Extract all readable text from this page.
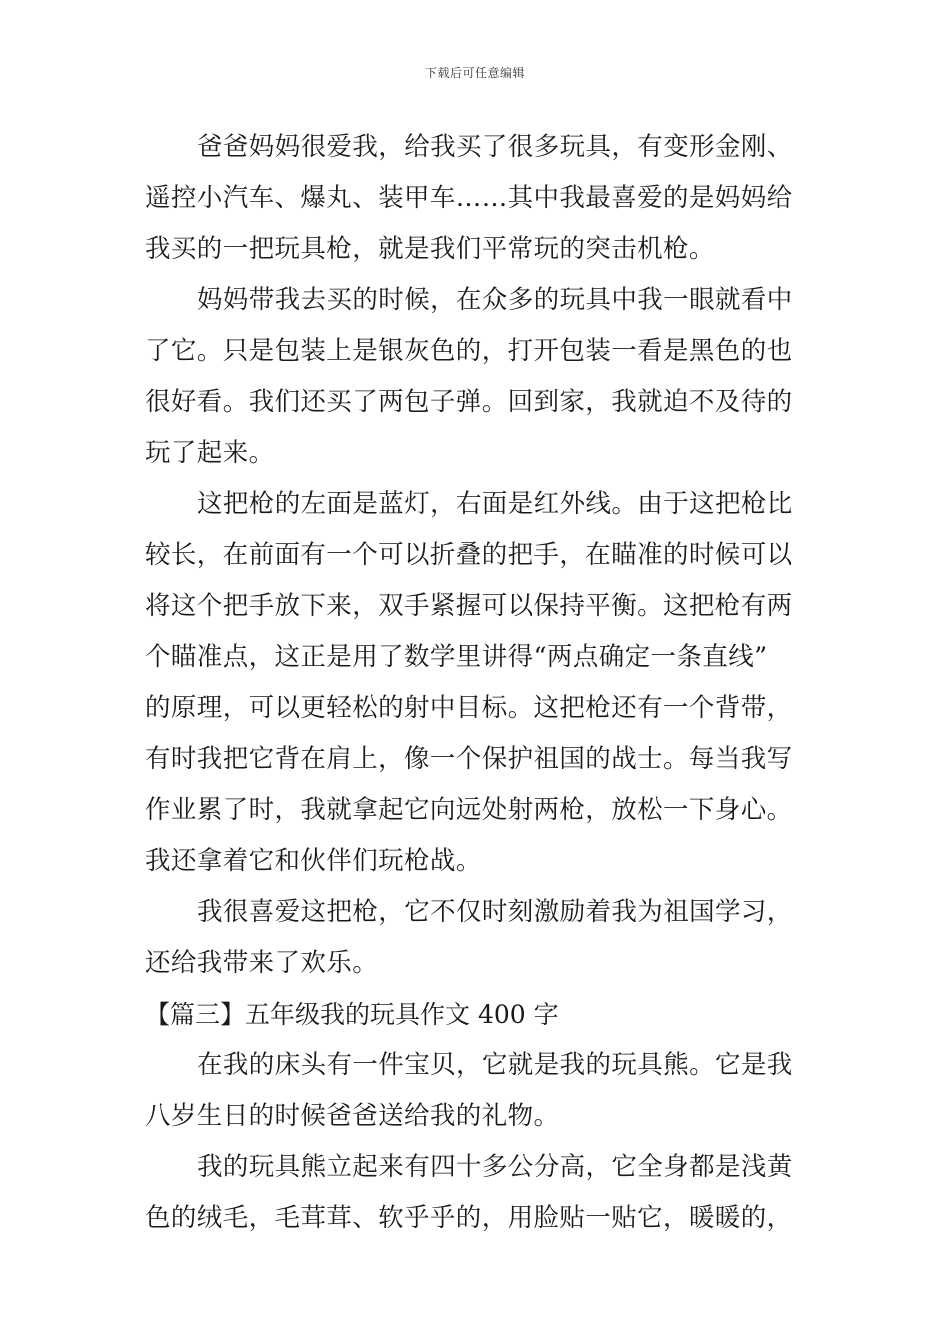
下载后可任意编辑
爸爸妈妈很爱我，给我买了很多玩具，有变形金刚、
遥控小汽车、爆丸、装甲车……其中我最喜爱的是妈妈给
我买的一把玩具枪，就是我们平常玩的突击机枪。
妈妈带我去买的时候，在众多的玩具中我一眼就看中
了它。只是包装上是银灰色的，打开包装一看是黑色的也
很好看。我们还买了两包子弹。回到家，我就迫不及待的
玩了起来。
这把枪的左面是蓝灯，右面是红外线。由于这把枪比
较长，在前面有一个可以折叠的把手，在瞄准的时候可以
将这个把手放下来，双手紧握可以保持平衡。这把枪有两
个瞄准点，这正是用了数学里讲得“两点确定一条直线”
的原理，可以更轻松的射中目标。这把枪还有一个背带，
有时我把它背在肩上，像一个保护祖国的战士。每当我写
作业累了时，我就拿起它向远处射两枪，放松一下身心。
我还拿着它和伙伴们玩枪战。
我很喜爱这把枪，它不仅时刻激励着我为祖国学习，
还给我带来了欢乐。
【篇三】五年级我的玩具作文 400 字
在我的床头有一件宝贝，它就是我的玩具熊。它是我
八岁生日的时候爸爸送给我的礼物。
我的玩具熊立起来有四十多公分高，它全身都是浅黄
色的绒毛，毛茸茸、软乎乎的，用脸贴一贴它，暖暖的，
